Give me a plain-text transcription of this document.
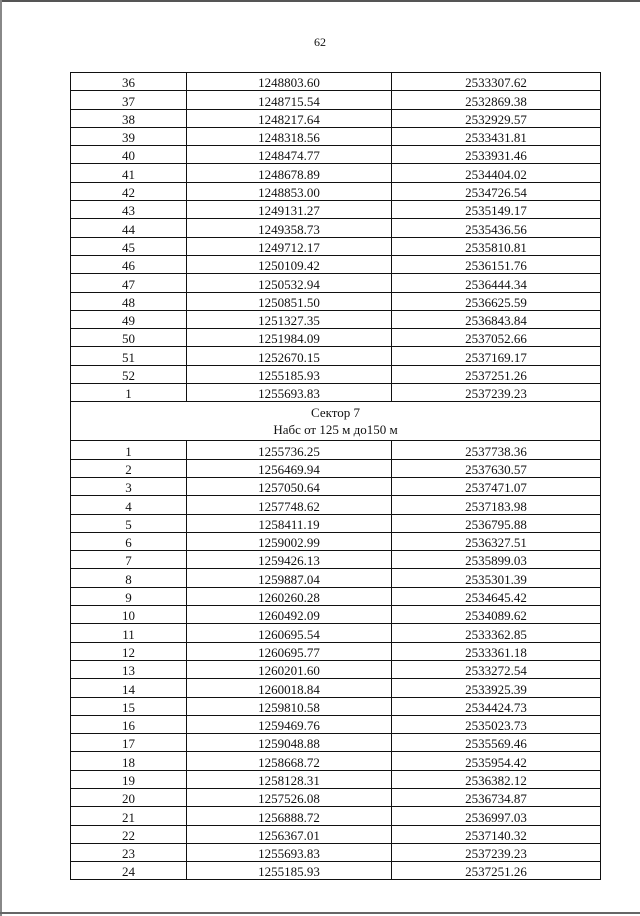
62
36	1248803.60	2533307.62
37	1248715.54	2532869.38
38	1248217.64	2532929.57
39	1248318.56	2533431.81
40	1248474.77	2533931.46
41	1248678.89	2534404.02
42	1248853.00	2534726.54
43	1249131.27	2535149.17
44	1249358.73	2535436.56
45	1249712.17	2535810.81
46	1250109.42	2536151.76
47	1250532.94	2536444.34
48	1250851.50	2536625.59
49	1251327.35	2536843.84
50	1251984.09	2537052.66
51	1252670.15	2537169.17
52	1255185.93	2537251.26
1	1255693.83	2537239.23

Сектор 7
Набс от 125 м до150 м		

1	1255736.25	2537738.36
2	1256469.94	2537630.57
3	1257050.64	2537471.07
4	1257748.62	2537183.98
5	1258411.19	2536795.88
6	1259002.99	2536327.51
7	1259426.13	2535899.03
8	1259887.04	2535301.39
9	1260260.28	2534645.42
10	1260492.09	2534089.62
11	1260695.54	2533362.85
12	1260695.77	2533361.18
13	1260201.60	2533272.54
14	1260018.84	2533925.39
15	1259810.58	2534424.73
16	1259469.76	2535023.73
17	1259048.88	2535569.46
18	1258668.72	2535954.42
19	1258128.31	2536382.12
20	1257526.08	2536734.87
21	1256888.72	2536997.03
22	1256367.01	2537140.32
23	1255693.83	2537239.23
24	1255185.93	2537251.26
